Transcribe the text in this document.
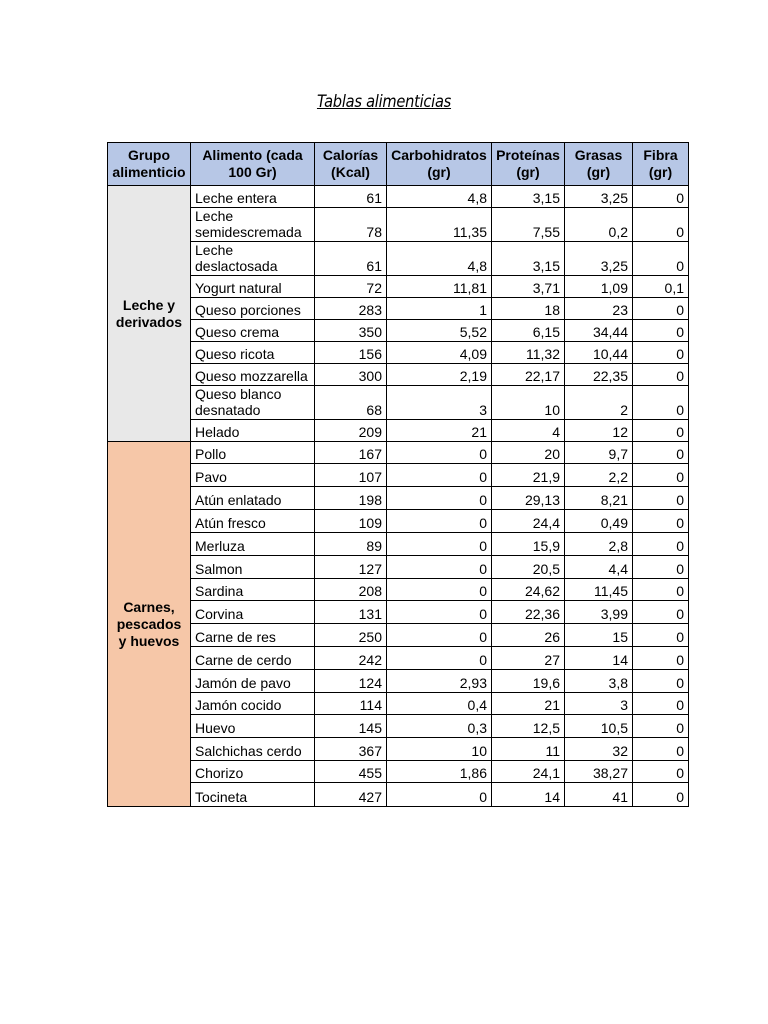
Tablas alimenticias
Grupo alimenticio	Alimento (cada 100 Gr)	Calorías (Kcal)	Carbohidratos (gr)	Proteínas (gr)	Grasas (gr)	Fibra (gr)
Leche y derivados	Leche entera	61	4,8	3,15	3,25	0
	Leche semidescremada	78	11,35	7,55	0,2	0
	Leche deslactosada	61	4,8	3,15	3,25	0
	Yogurt natural	72	11,81	3,71	1,09	0,1
	Queso porciones	283	1	18	23	0
	Queso crema	350	5,52	6,15	34,44	0
	Queso ricota	156	4,09	11,32	10,44	0
	Queso mozzarella	300	2,19	22,17	22,35	0
	Queso blanco desnatado	68	3	10	2	0
	Helado	209	21	4	12	0
Carnes, pescados y huevos	Pollo	167	0	20	9,7	0
	Pavo	107	0	21,9	2,2	0
	Atún enlatado	198	0	29,13	8,21	0
	Atún fresco	109	0	24,4	0,49	0
	Merluza	89	0	15,9	2,8	0
	Salmon	127	0	20,5	4,4	0
	Sardina	208	0	24,62	11,45	0
	Corvina	131	0	22,36	3,99	0
	Carne de res	250	0	26	15	0
	Carne de cerdo	242	0	27	14	0
	Jamón de pavo	124	2,93	19,6	3,8	0
	Jamón cocido	114	0,4	21	3	0
	Huevo	145	0,3	12,5	10,5	0
	Salchichas cerdo	367	10	11	32	0
	Chorizo	455	1,86	24,1	38,27	0
	Tocineta	427	0	14	41	0
